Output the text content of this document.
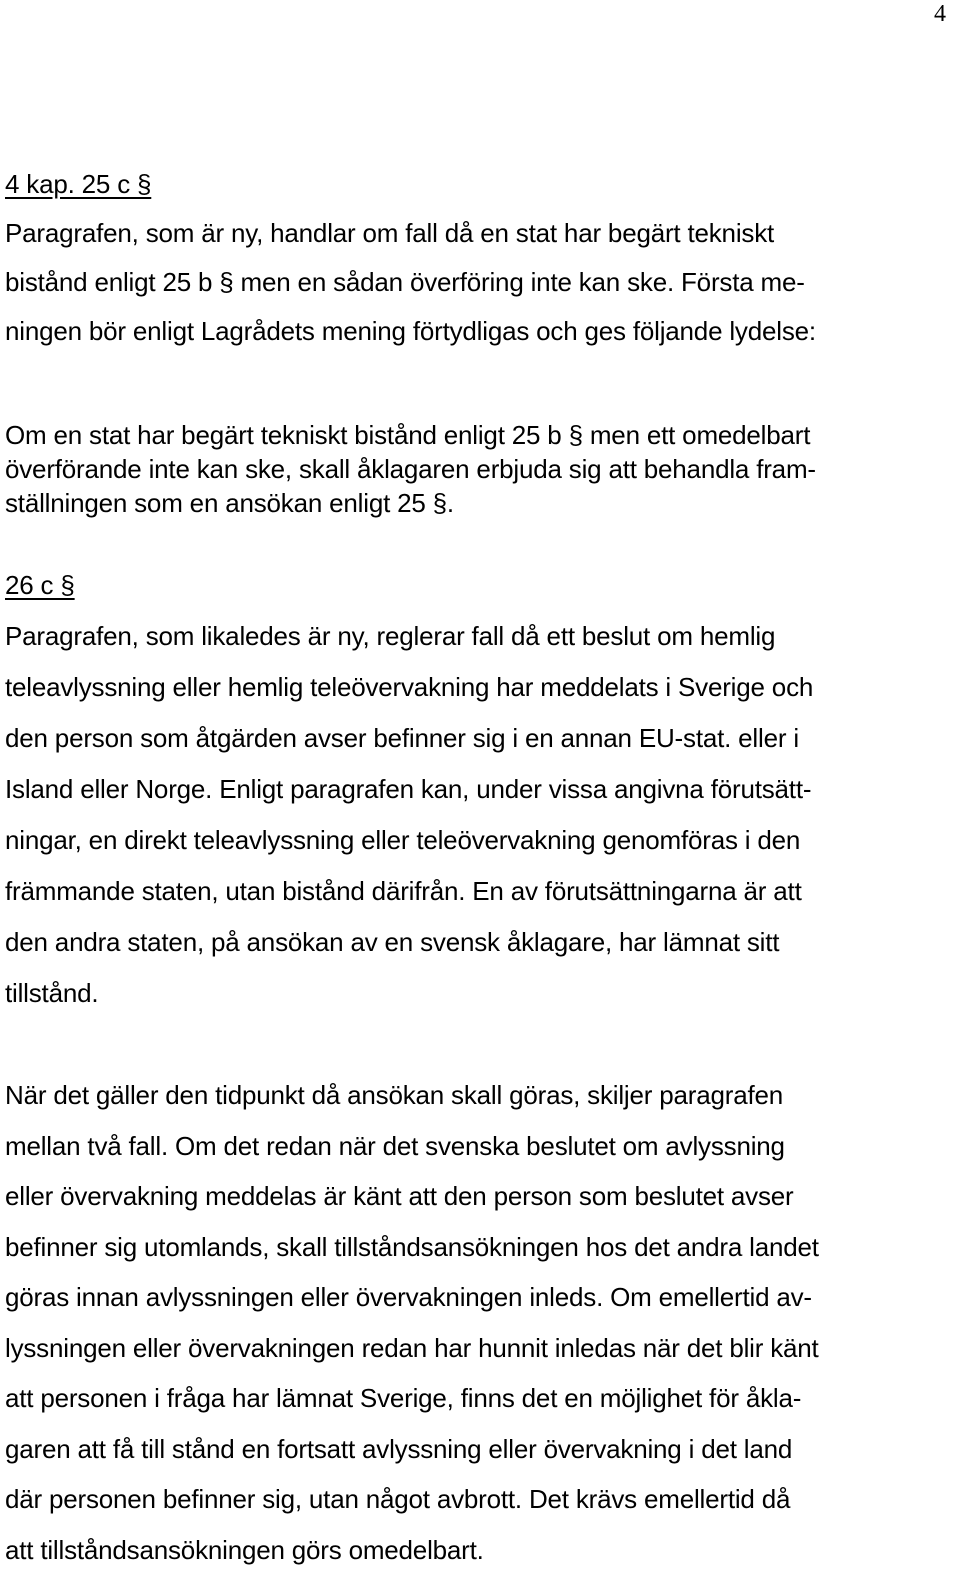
4
4 kap. 25 c §
Paragrafen, som är ny, handlar om fall då en stat har begärt tekniskt
bistånd enligt 25 b § men en sådan överföring inte kan ske. Första me-
ningen bör enligt Lagrådets mening förtydligas och ges följande lydelse:
Om en stat har begärt tekniskt bistånd enligt 25 b § men ett omedelbart
överförande inte kan ske, skall åklagaren erbjuda sig att behandla fram-
ställningen som en ansökan enligt 25 §.
26 c §
Paragrafen, som likaledes är ny, reglerar fall då ett beslut om hemlig
teleavlyssning eller hemlig teleövervakning har meddelats i Sverige och
den person som åtgärden avser befinner sig i en annan EU-stat. eller i
Island eller Norge. Enligt paragrafen kan, under vissa angivna förutsätt-
ningar, en direkt teleavlyssning eller teleövervakning genomföras i den
främmande staten, utan bistånd därifrån. En av förutsättningarna är att
den andra staten, på ansökan av en svensk åklagare, har lämnat sitt
tillstånd.
När det gäller den tidpunkt då ansökan skall göras, skiljer paragrafen
mellan två fall. Om det redan när det svenska beslutet om avlyssning
eller övervakning meddelas är känt att den person som beslutet avser
befinner sig utomlands, skall tillståndsansökningen hos det andra landet
göras innan avlyssningen eller övervakningen inleds. Om emellertid av-
lyssningen eller övervakningen redan har hunnit inledas när det blir känt
att personen i fråga har lämnat Sverige, finns det en möjlighet för åkla-
garen att få till stånd en fortsatt avlyssning eller övervakning i det land
där personen befinner sig, utan något avbrott. Det krävs emellertid då
att tillståndsansökningen görs omedelbart.
